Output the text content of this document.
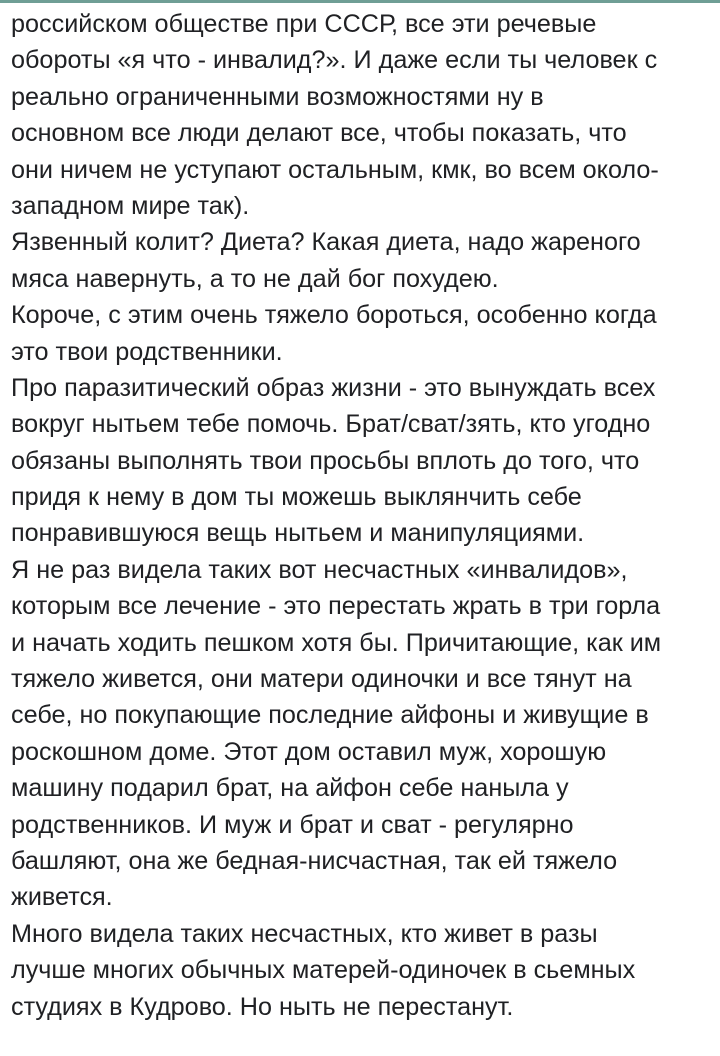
российском обществе при СССР, все эти речевые
обороты «я что - инвалид?». И даже если ты человек с
реально ограниченными возможностями ну в
основном все люди делают все, чтобы показать, что
они ничем не уступают остальным, кмк, во всем около-
западном мире так).
Язвенный колит? Диета? Какая диета, надо жареного
мяса навернуть, а то не дай бог похудею.
Короче, с этим очень тяжело бороться, особенно когда
это твои родственники.
Про паразитический образ жизни - это вынуждать всех
вокруг нытьем тебе помочь. Брат/сват/зять, кто угодно
обязаны выполнять твои просьбы вплоть до того, что
придя к нему в дом ты можешь выклянчить себе
понравившуюся вещь нытьем и манипуляциями.
Я не раз видела таких вот несчастных «инвалидов»,
которым все лечение - это перестать жрать в три горла
и начать ходить пешком хотя бы. Причитающие, как им
тяжело живется, они матери одиночки и все тянут на
себе, но покупающие последние айфоны и живущие в
роскошном доме. Этот дом оставил муж, хорошую
машину подарил брат, на айфон себе наныла у
родственников. И муж и брат и сват - регулярно
башляют, она же бедная-нисчастная, так ей тяжело
живется.
Много видела таких несчастных, кто живет в разы
лучше многих обычных матерей-одиночек в сьемных
студиях в Кудрово. Но ныть не перестанут.
